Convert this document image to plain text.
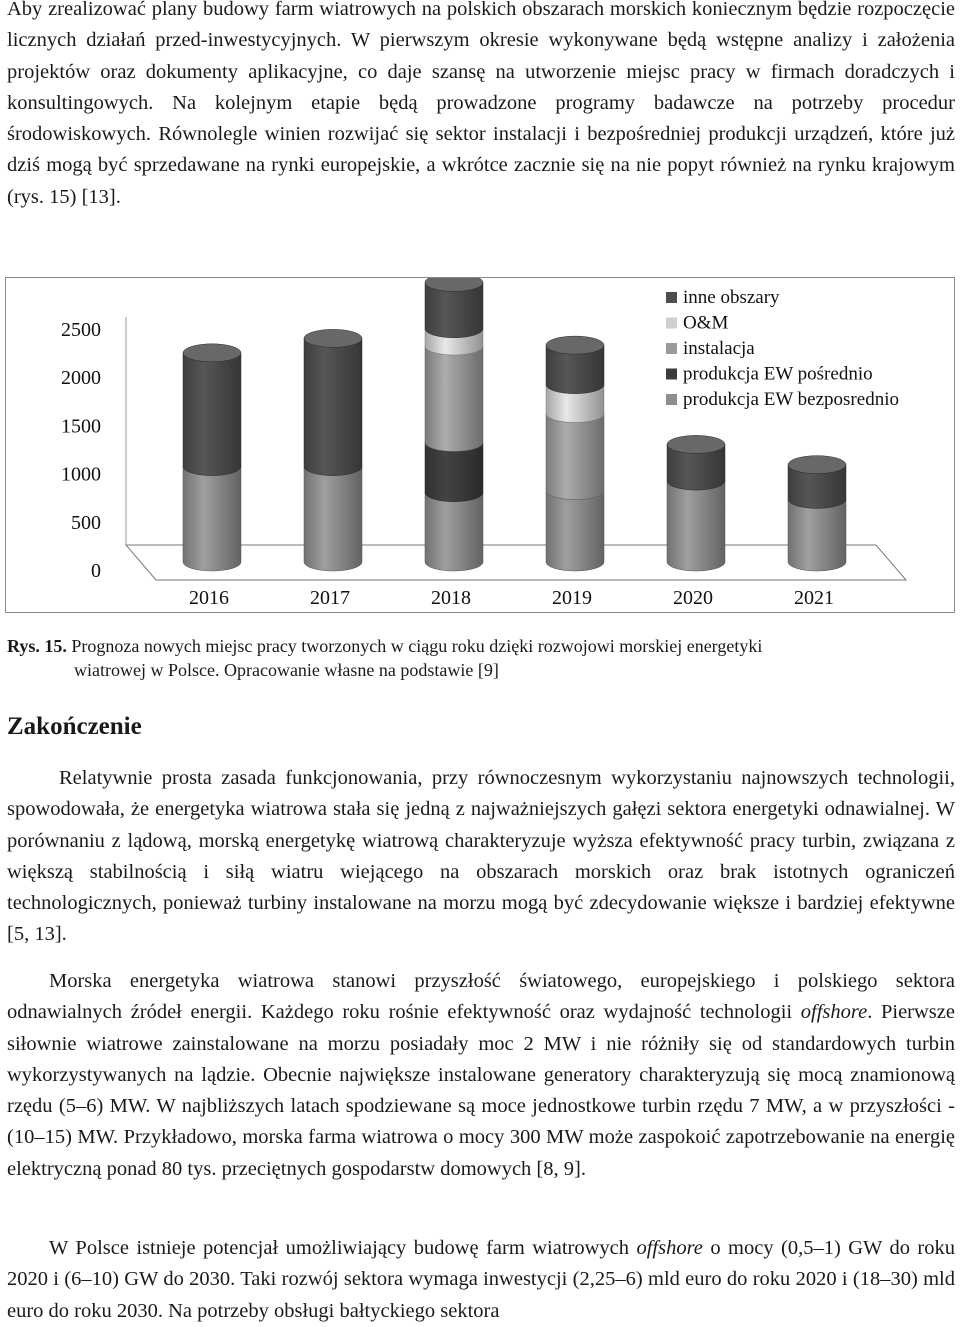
Aby zrealizować plany budowy farm wiatrowych na polskich obszarach morskich koniecznym będzie rozpoczęcie licznych działań przed-inwestycyjnych. W pierwszym okresie wykonywane będą wstępne analizy i założenia projektów oraz dokumenty aplikacyjne, co daje szansę na utworzenie miejsc pracy w firmach doradczych i konsultingowych. Na kolejnym etapie będą prowadzone programy badawcze na potrzeby procedur środowiskowych. Równolegle winien rozwijać się sektor instalacji i bezpośredniej produkcji urządzeń, które już dziś mogą być sprzedawane na rynki europejskie, a wkrótce zacznie się na nie popyt również na rynku krajowym (rys. 15) [13].
0
500
1000
1500
2000
2500
2016	2017	2018	2019	2020	2021
inne obszary
O&M
instalacja
produkcja EW pośrednio
produkcja EW bezposrednio
Rys. 15. Prognoza nowych miejsc pracy tworzonych w ciągu roku dzięki rozwojowi morskiej energetyki
wiatrowej w Polsce. Opracowanie własne na podstawie [9]
Zakończenie
Relatywnie prosta zasada funkcjonowania, przy równoczesnym wykorzystaniu najnowszych technologii, spowodowała, że energetyka wiatrowa stała się jedną z najważniejszych gałęzi sektora energetyki odnawialnej. W porównaniu z lądową, morską energetykę wiatrową charakteryzuje wyższa efektywność pracy turbin, związana z większą stabilnością i siłą wiatru wiejącego na obszarach morskich oraz brak istotnych ograniczeń technologicznych, ponieważ turbiny instalowane na morzu mogą być zdecydowanie większe i bardziej efektywne [5, 13].
Morska energetyka wiatrowa stanowi przyszłość światowego, europejskiego i polskiego sektora odnawialnych źródeł energii. Każdego roku rośnie efektywność oraz wydajność technologii offshore. Pierwsze siłownie wiatrowe zainstalowane na morzu posiadały moc 2 MW i nie różniły się od standardowych turbin wykorzystywanych na lądzie. Obecnie największe instalowane generatory charakteryzują się mocą znamionową rzędu (5–6) MW. W najbliższych latach spodziewane są moce jednostkowe turbin rzędu 7 MW, a w przyszłości - (10–15) MW. Przykładowo, morska farma wiatrowa o mocy 300 MW może zaspokoić zapotrzebowanie na energię elektryczną ponad 80 tys. przeciętnych gospodarstw domowych [8, 9].
W Polsce istnieje potencjał umożliwiający budowę farm wiatrowych offshore o mocy (0,5–1) GW do roku 2020 i (6–10) GW do 2030. Taki rozwój sektora wymaga inwestycji (2,25–6) mld euro do roku 2020 i (18–30) mld euro do roku 2030. Na potrzeby obsługi bałtyckiego sektora
